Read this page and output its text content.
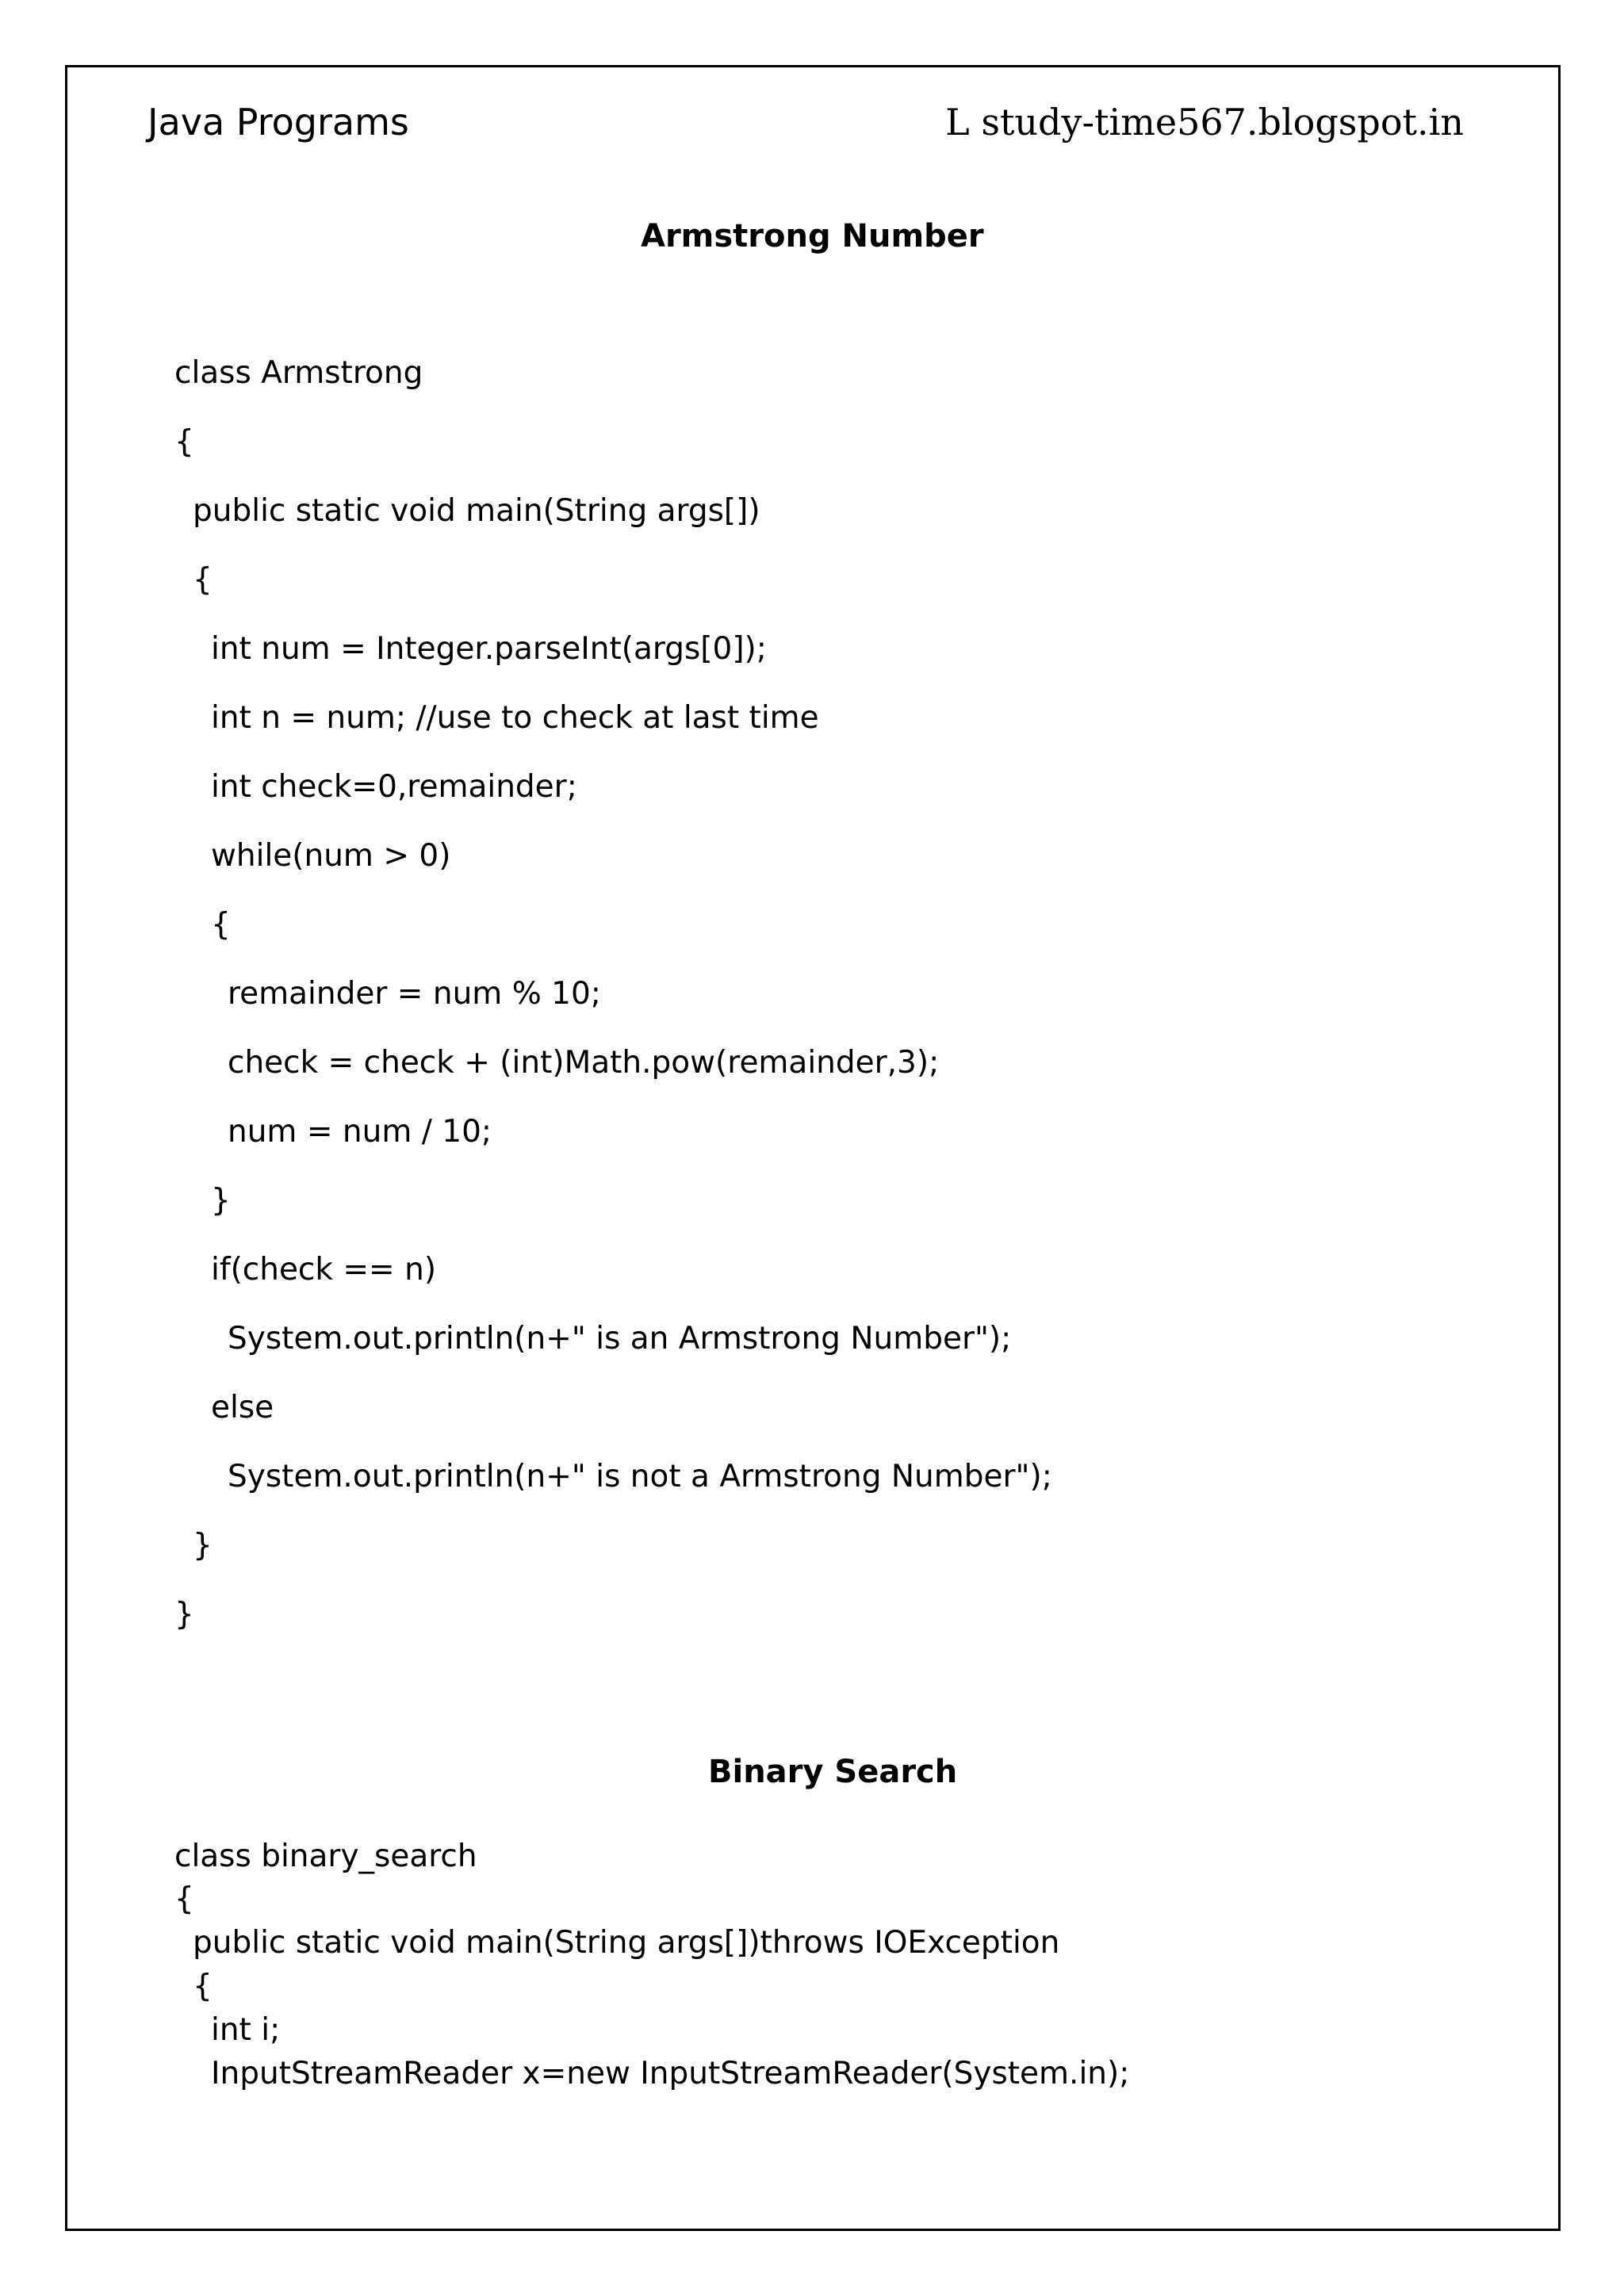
Java Programs	L study-time567.blogspot.in
Armstrong Number
class Armstrong
{
public static void main(String args[])
{
int num = Integer.parseInt(args[0]);
int n = num; //use to check at last time
int check=0,remainder;
while(num > 0)
{
remainder = num % 10;
check = check + (int)Math.pow(remainder,3);
num = num / 10;
}
if(check == n)
System.out.println(n+" is an Armstrong Number");
else
System.out.println(n+" is not a Armstrong Number");
}
}
Binary Search
class binary_search
{
public static void main(String args[])throws IOException
{
int i;
InputStreamReader x=new InputStreamReader(System.in);
